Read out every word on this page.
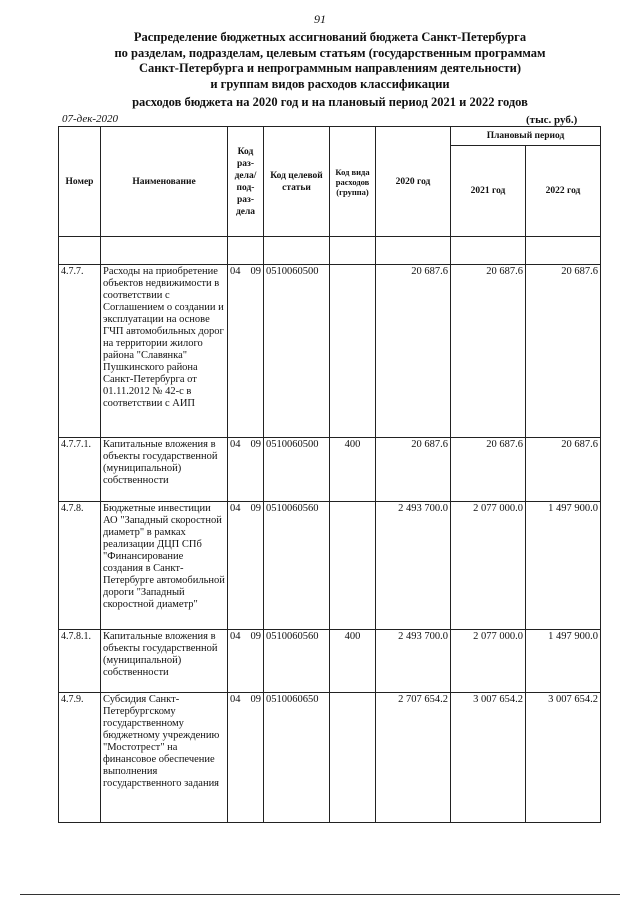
91
Распределение бюджетных ассигнований бюджета Санкт-Петербурга
по разделам, подразделам, целевым статьям (государственным программам
Санкт-Петербурга и непрограммным направлениям деятельности)
и группам видов расходов классификации
расходов бюджета на 2020 год и на плановый период 2021 и 2022 годов
07-дек-2020	(тыс. руб.)
Номер	Наименование	Код раз-дела/ под-раз-дела		Код целевой статьи	Код вида расходов (группа)	2020 год	Плановый период	
							2021 год	2022 год

4.7.7.	Расходы на приобретение объектов недвижимости в соответствии с Соглашением о создании и эксплуатации на основе ГЧП автомобильных дорог на территории жилого района "Славянка" Пушкинского района Санкт-Петербурга от 01.11.2012 № 42-с в соответствии с АИП	04	09	0510060500		20 687.6	20 687.6	20 687.6
4.7.7.1.	Капитальные вложения в объекты государственной (муниципальной) собственности	04	09	0510060500	400	20 687.6	20 687.6	20 687.6
4.7.8.	Бюджетные инвестиции АО "Западный скоростной диаметр" в рамках реализации ДЦП СПб "Финансирование создания в Санкт-Петербурге автомобильной дороги "Западный скоростной диаметр"	04	09	0510060560		2 493 700.0	2 077 000.0	1 497 900.0
4.7.8.1.	Капитальные вложения в объекты государственной (муниципальной) собственности	04	09	0510060560	400	2 493 700.0	2 077 000.0	1 497 900.0
4.7.9.	Субсидия Санкт-Петербургскому государственному бюджетному учреждению "Мостотрест" на финансовое обеспечение выполнения государственного задания	04	09	0510060650		2 707 654.2	3 007 654.2	3 007 654.2
